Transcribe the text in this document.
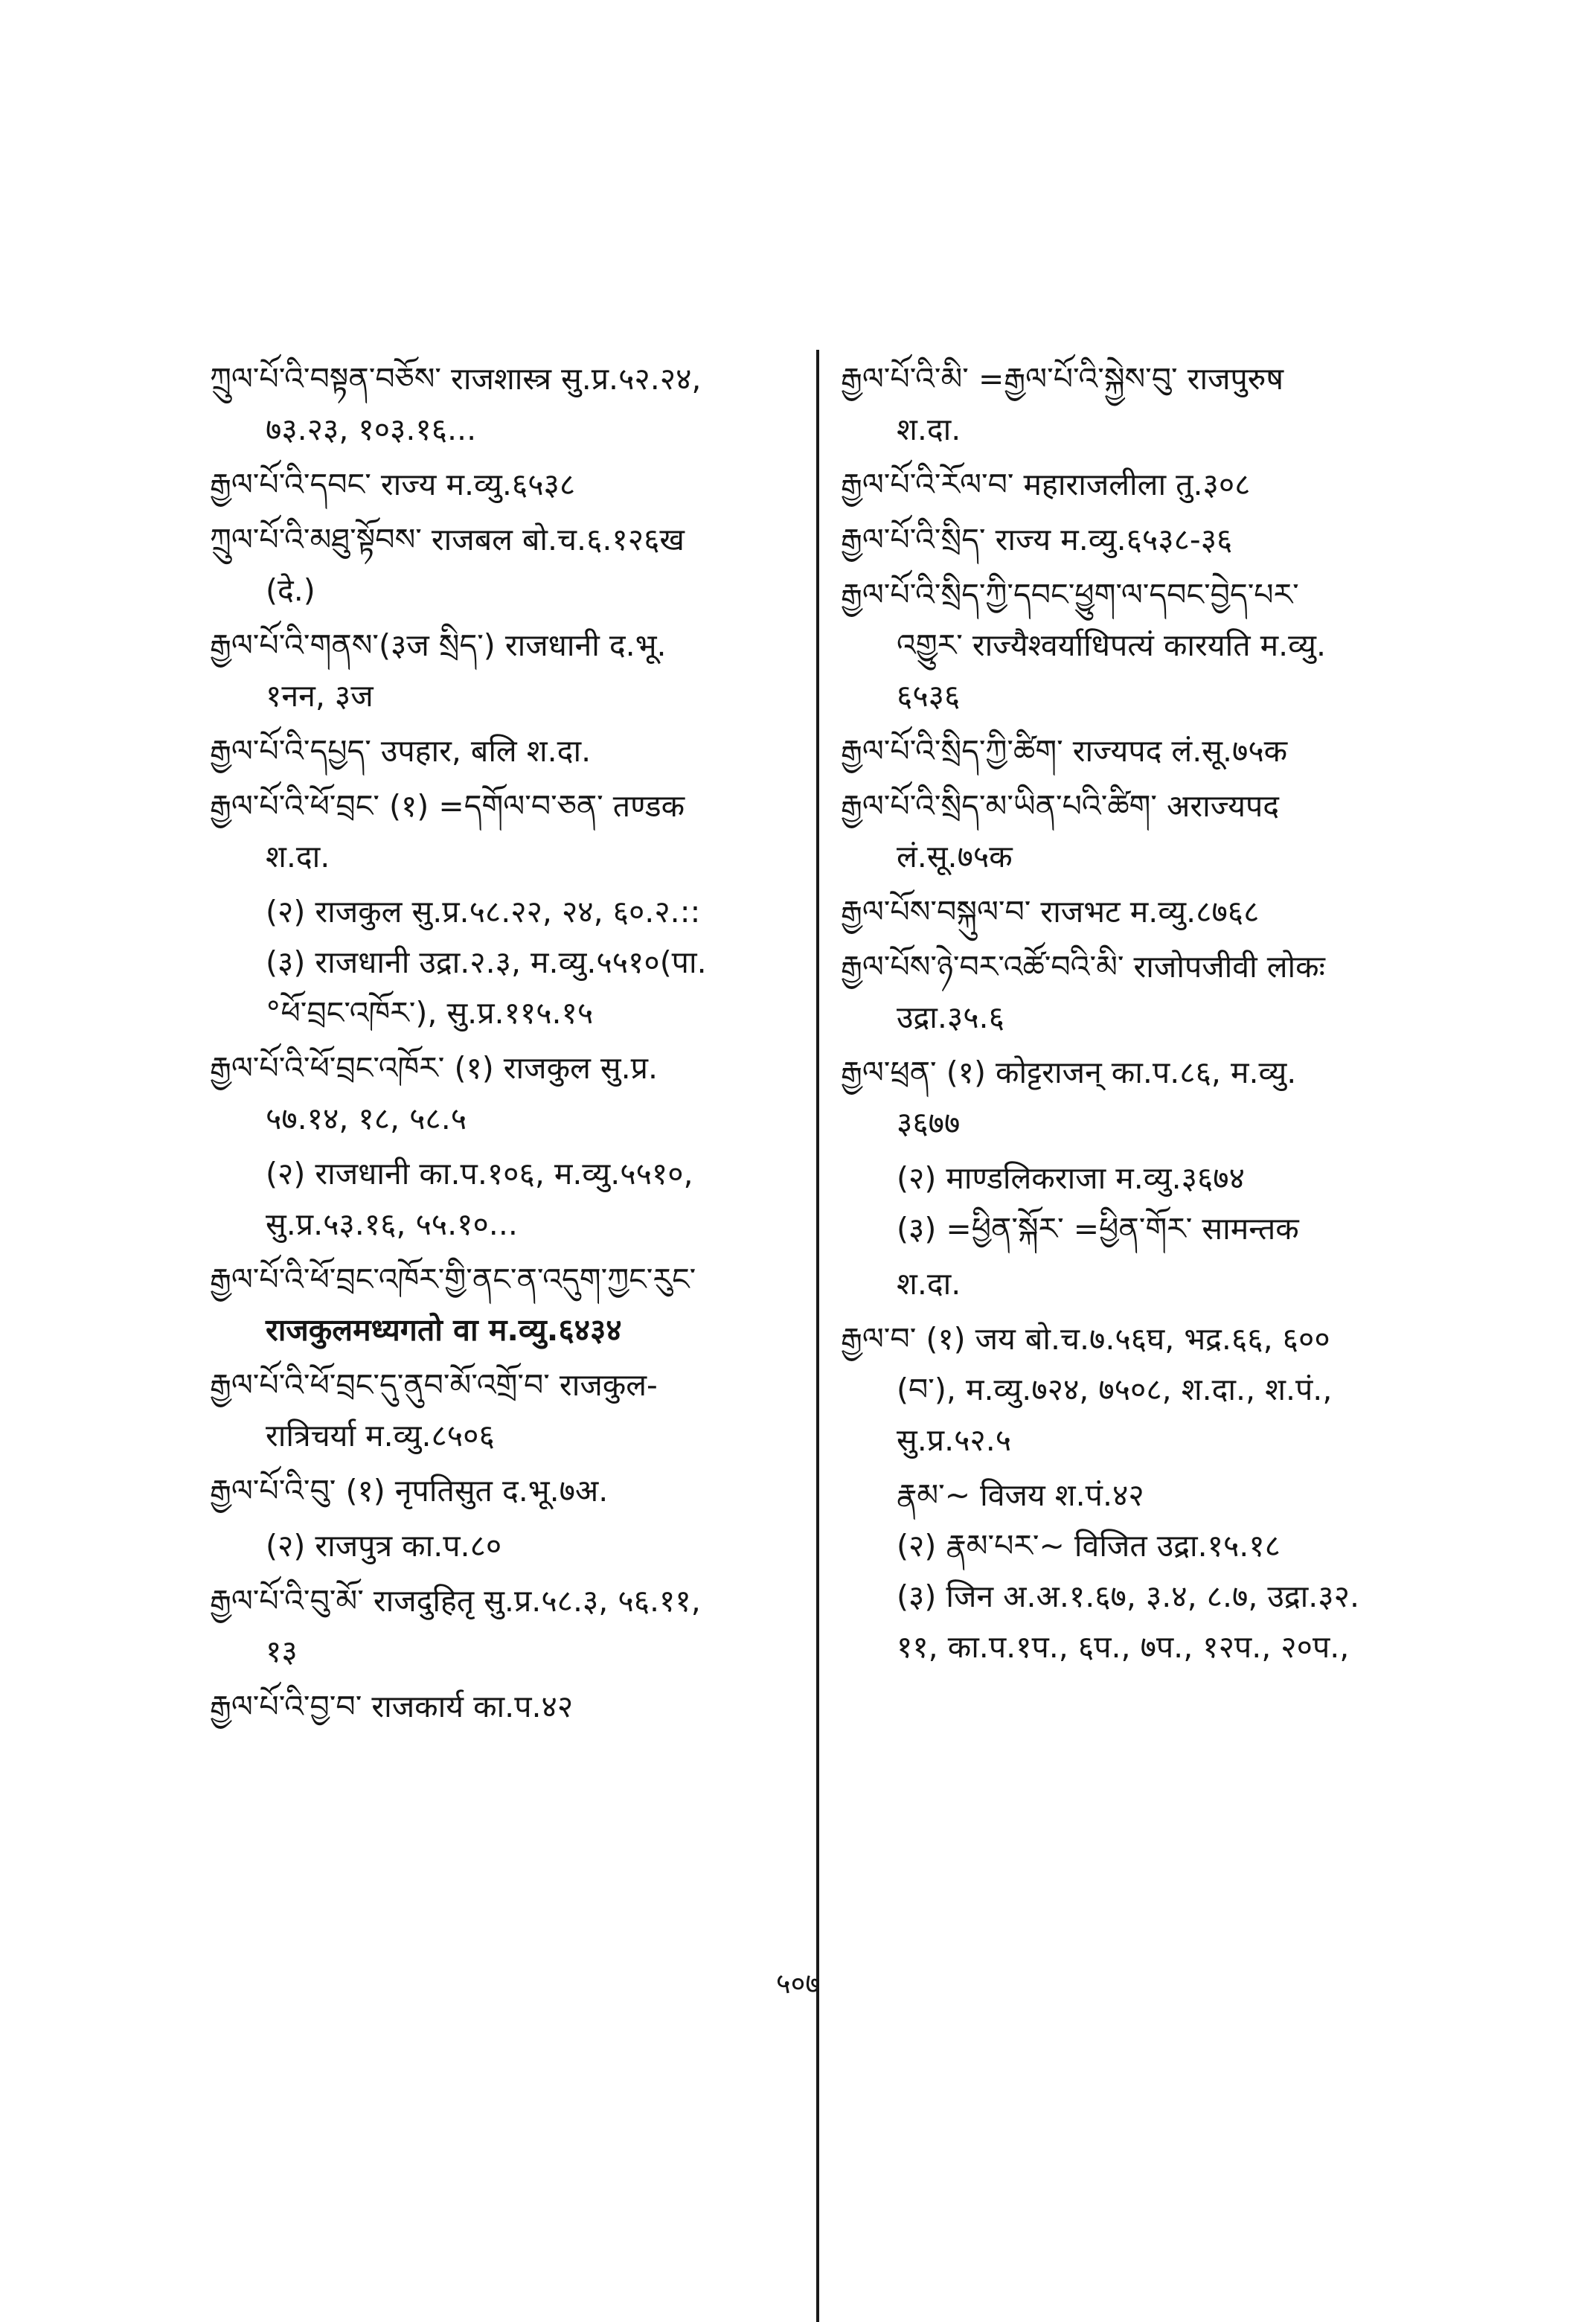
ཀྲུལ་པོ་འི་བསྟན་བཅོས་ राजशास्त्र सु.प्र.५२.२४,
७३.२३, १०३.१६...
རྒྱལ་པོ་འི་དབང་ राज्य म.व्यु.६५३८
ཀྲུལ་པོ་འི་མཐུ་སྟོབས་ राजबल बो.च.६.१२६ख
(दे.)
རྒྱལ་པོ་འི་གནས་(३ज སྲིད་) राजधानी द.भू.
१नन, ३ज
རྒྱལ་པོ་འི་དཔྱད་ उपहार, बलि श.दा.
རྒྱལ་པོ་འི་ཕོ་བྲང་ (१) =དགོལ་བ་ཅན་ तण्डक
श.दा.
(२) राजकुल सु.प्र.५८.२२, २४, ६०.२.::
(३) राजधानी उद्रा.२.३, म.व्यु.५५१०(पा.
°ཕོ་བྲང་འཁོར་), सु.प्र.११५.१५
རྒྱལ་པོ་འི་ཕོ་བྲང་འཁོར་ (१) राजकुल सु.प्र.
५७.१४, १८, ५८.५
(२) राजधानी का.प.१०६, म.व्यु.५५१०,
सु.प्र.५३.१६, ५५.१०...
རྒྱལ་པོ་འི་ཕོ་བྲང་འཁོར་གྱི་ནང་ན་འདུག་ཀྱང་རུང་
राजकुलमध्यगतो वा म.व्यु.६४३४
རྒྱལ་པོ་འི་ཕོ་བྲང་དུ་ནུབ་མོ་འགྲོ་བ་ राजकुल-
रात्रिचर्या म.व्यु.८५०६
རྒྱལ་པོ་འི་བུ་ (१) नृपतिसुत द.भू.७अ.
(२) राजपुत्र का.प.८०
རྒྱལ་པོ་འི་བུ་མོ་ राजदुहितृ सु.प्र.५८.३, ५६.११,
१३
རྒྱལ་པོ་འི་བྱ་བ་ राजकार्य का.प.४२
རྒྱལ་པོ་འི་མི་ =རྒྱལ་པོ་འི་སྐྱེས་བུ་ राजपुरुष
श.दा.
རྒྱལ་པོ་འི་རོལ་བ་ महाराजलीला तु.३०८
རྒྱལ་པོ་འི་སྲིད་ राज्य म.व्यु.६५३८-३६
རྒྱལ་པོ་འི་སྲིད་ཀྱི་དབང་ཕྱུག་ལ་དབང་བྱེད་པར་
འགྱུར་ राज्यैश्वर्याधिपत्यं कारयति म.व्यु.
६५३६
རྒྱལ་པོ་འི་སྲིད་ཀྱི་ཚིག་ राज्यपद लं.सू.७५क
རྒྱལ་པོ་འི་སྲིད་མ་ཡིན་པའི་ཚིག་ अराज्यपद
लं.सू.७५क
རྒྱལ་པོས་བསྐུལ་བ་ राजभट म.व्यु.८७६८
རྒྱལ་པོས་ཉེ་བར་འཚོ་བའི་མི་ राजोपजीवी लोकः
उद्रा.३५.६
རྒྱལ་ཕྲན་ (१) कोट्टराजन् का.प.८६, म.व्यु.
३६७७
(२) माण्डलिकराजा म.व्यु.३६७४
(३) =ཕྱིན་སྐོར་ =ཕྱིན་གོར་ सामन्तक
श.दा.
རྒྱལ་བ་ (१) जय बो.च.७.५६घ, भद्र.६६, ६००
(བ་), म.व्यु.७२४, ७५०८, श.दा., श.पं.,
सु.प्र.५२.५
རྣམ་~ विजय श.पं.४२
(२) རྣམ་པར་~ विजित उद्रा.१५.१८
(३) जिन अ.अ.१.६७, ३.४, ८.७, उद्रा.३२.
११, का.प.१प., ६प., ७प., १२प., २०प.,
५०७
